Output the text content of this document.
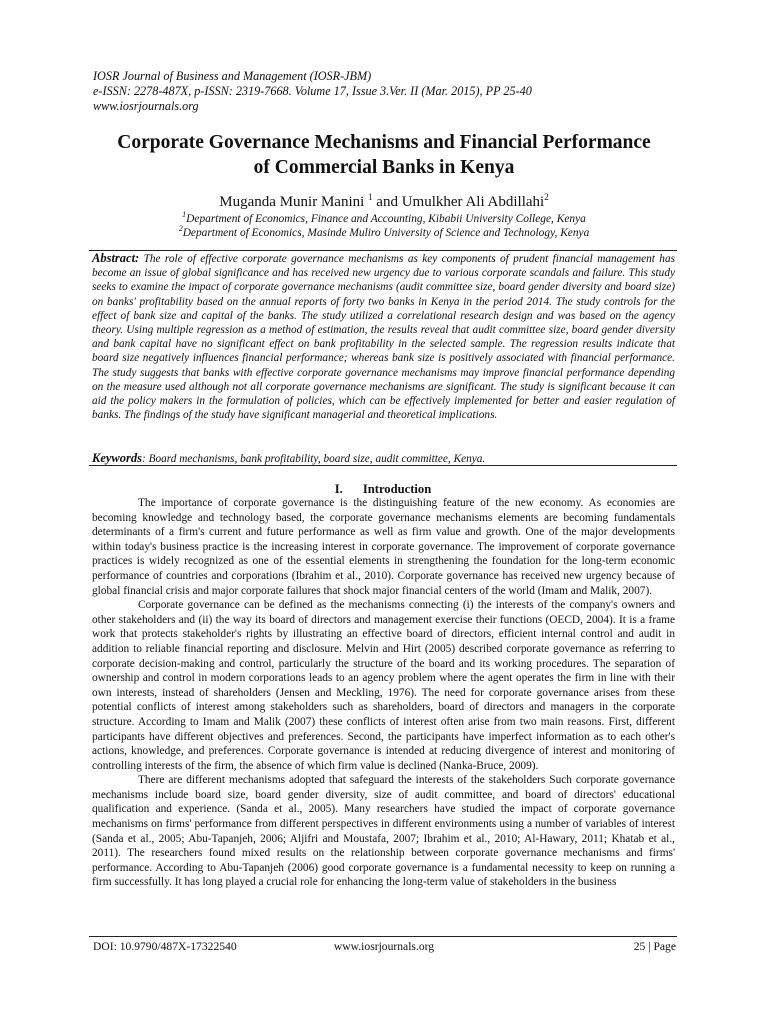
IOSR Journal of Business and Management (IOSR-JBM)
e-ISSN: 2278-487X, p-ISSN: 2319-7668. Volume 17, Issue 3.Ver. II (Mar. 2015), PP 25-40
www.iosrjournals.org
Corporate Governance Mechanisms and Financial Performance
of Commercial Banks in Kenya
Muganda Munir Manini $^1$ and Umulkher Ali Abdillahi$^2$
$^1$Department of Economics, Finance and Accounting, Kibabii University College, Kenya
$^2$Department of Economics, Masinde Muliro University of Science and Technology, Kenya
Abstract: The role of effective corporate governance mechanisms as key components of prudent financial management has become an issue of global significance and has received new urgency due to various corporate scandals and failure. This study seeks to examine the impact of corporate governance mechanisms (audit committee size, board gender diversity and board size) on banks' profitability based on the annual reports of forty two banks in Kenya in the period 2014. The study controls for the effect of bank size and capital of the banks. The study utilized a correlational research design and was based on the agency theory. Using multiple regression as a method of estimation, the results reveal that audit committee size, board gender diversity and bank capital have no significant effect on bank profitability in the selected sample. The regression results indicate that board size negatively influences financial performance; whereas bank size is positively associated with financial performance. The study suggests that banks with effective corporate governance mechanisms may improve financial performance depending on the measure used although not all corporate governance mechanisms are significant. The study is significant because it can aid the policy makers in the formulation of policies, which can be effectively implemented for better and easier regulation of banks. The findings of the study have significant managerial and theoretical implications.
Keywords: Board mechanisms, bank profitability, board size, audit committee, Kenya.
I. Introduction

The importance of corporate governance is the distinguishing feature of the new economy. As economies are becoming knowledge and technology based, the corporate governance mechanisms elements are becoming fundamentals determinants of a firm's current and future performance as well as firm value and growth. One of the major developments within today's business practice is the increasing interest in corporate governance. The improvement of corporate governance practices is widely recognized as one of the essential elements in strengthening the foundation for the long-term economic performance of countries and corporations (Ibrahim et al., 2010). Corporate governance has received new urgency because of global financial crisis and major corporate failures that shock major financial centers of the world (Imam and Malik, 2007).

Corporate governance can be defined as the mechanisms connecting (i) the interests of the company's owners and other stakeholders and (ii) the way its board of directors and management exercise their functions (OECD, 2004). It is a frame work that protects stakeholder's rights by illustrating an effective board of directors, efficient internal control and audit in addition to reliable financial reporting and disclosure. Melvin and Hirt (2005) described corporate governance as referring to corporate decision-making and control, particularly the structure of the board and its working procedures. The separation of ownership and control in modern corporations leads to an agency problem where the agent operates the firm in line with their own interests, instead of shareholders (Jensen and Meckling, 1976). The need for corporate governance arises from these potential conflicts of interest among stakeholders such as shareholders, board of directors and managers in the corporate structure. According to Imam and Malik (2007) these conflicts of interest often arise from two main reasons. First, different participants have different objectives and preferences. Second, the participants have imperfect information as to each other's actions, knowledge, and preferences. Corporate governance is intended at reducing divergence of interest and monitoring of controlling interests of the firm, the absence of which firm value is declined (Nanka-Bruce, 2009).

There are different mechanisms adopted that safeguard the interests of the stakeholders Such corporate governance mechanisms include board size, board gender diversity, size of audit committee, and board of directors' educational qualification and experience. (Sanda et al., 2005). Many researchers have studied the impact of corporate governance mechanisms on firms' performance from different perspectives in different environments using a number of variables of interest (Sanda et al., 2005; Abu-Tapanjeh, 2006; Aljifri and Moustafa, 2007; Ibrahim et al., 2010; Al-Hawary, 2011; Khatab et al., 2011). The researchers found mixed results on the relationship between corporate governance mechanisms and firms' performance. According to Abu-Tapanjeh (2006) good corporate governance is a fundamental necessity to keep on running a firm successfully. It has long played a crucial role for enhancing the long-term value of stakeholders in the business

DOI: 10.9790/487X-17322540	www.iosrjournals.org	25 | Page
